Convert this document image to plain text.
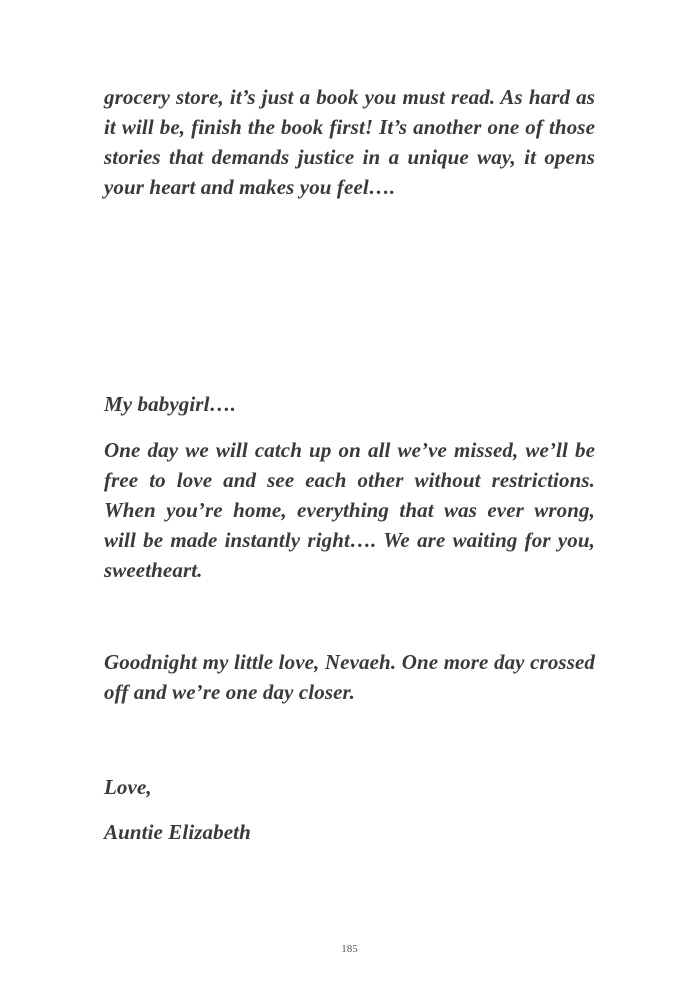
grocery store, it’s just a book you must read. As hard as it will be, finish the book first! It’s another one of those stories that demands justice in a unique way, it opens your heart and makes you feel….

My babygirl….

One day we will catch up on all we’ve missed, we’ll be free to love and see each other without restrictions. When you’re home, everything that was ever wrong, will be made instantly right…. We are waiting for you, sweetheart.

Goodnight my little love, Nevaeh. One more day crossed off and we’re one day closer.

Love,

Auntie Elizabeth

185
